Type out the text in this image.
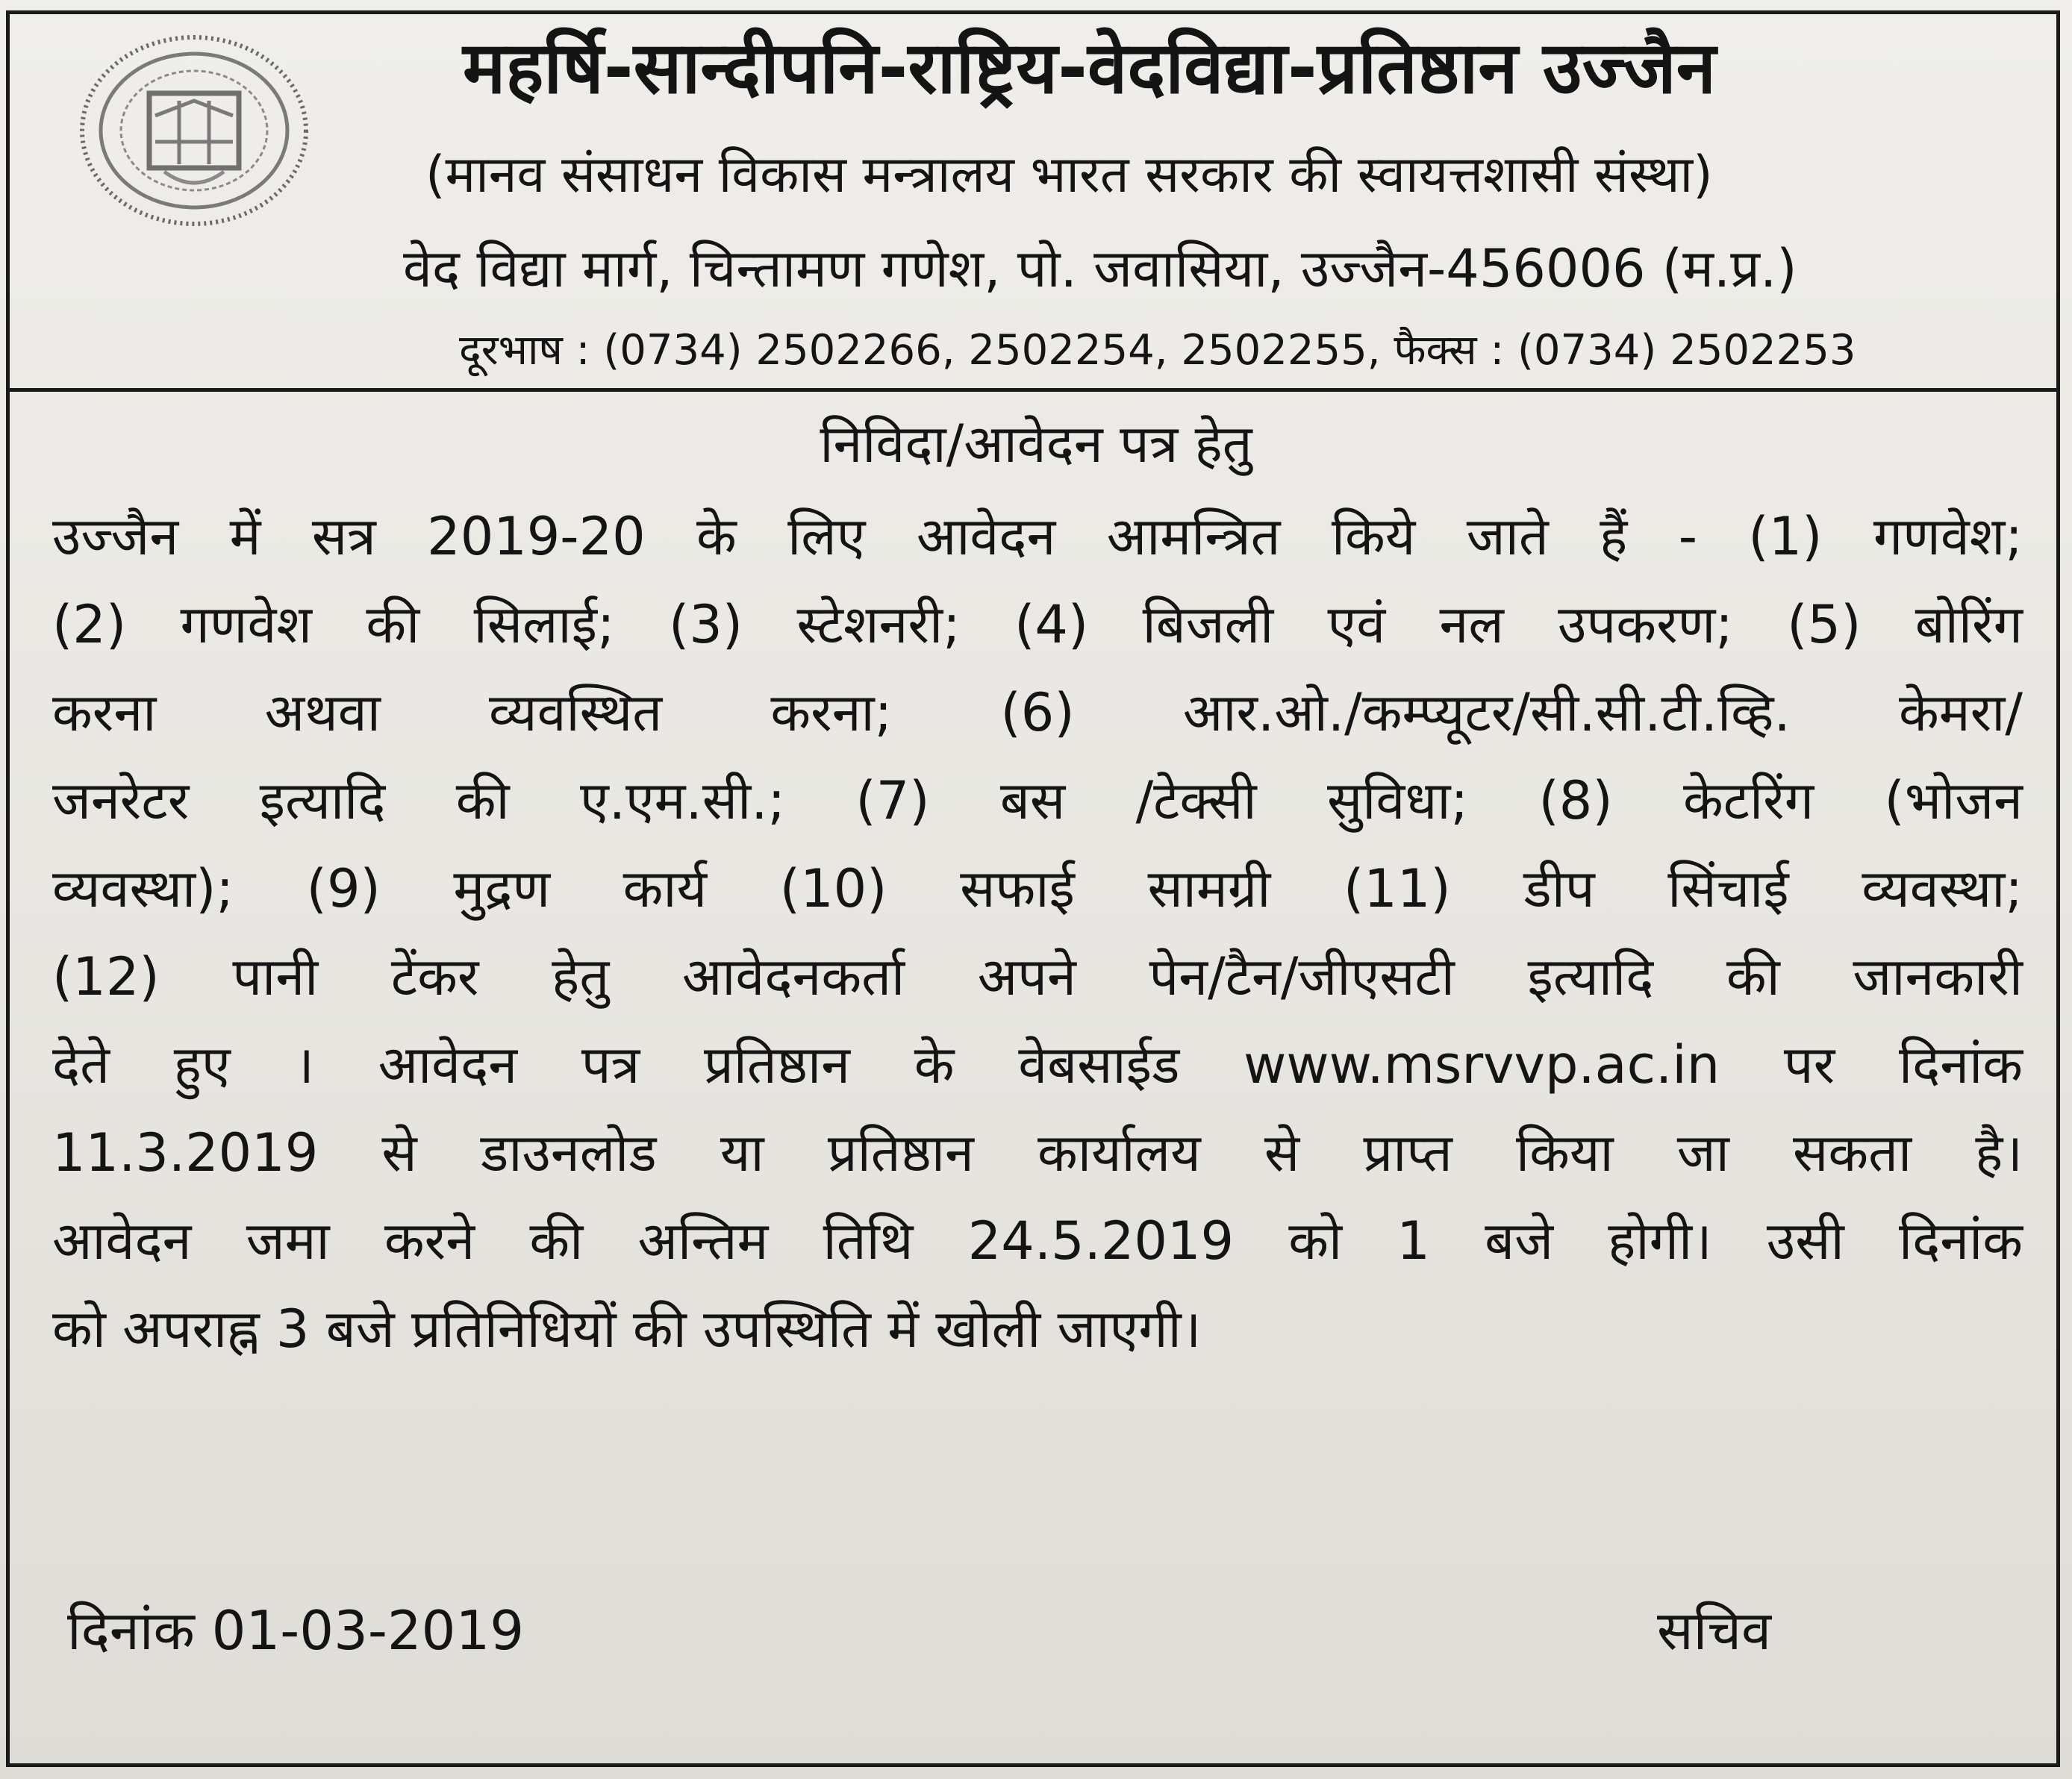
महर्षि-सान्दीपनि-राष्ट्रिय-वेदविद्या-प्रतिष्ठान उज्जैन
(मानव संसाधन विकास मन्त्रालय भारत सरकार की स्वायत्तशासी संस्था)
वेद विद्या मार्ग, चिन्तामण गणेश, पो. जवासिया, उज्जैन-456006 (म.प्र.)
दूरभाष : (0734) 2502266, 2502254, 2502255, फैक्स : (0734) 2502253
निविदा/आवेदन पत्र हेतु
उज्जैन में सत्र 2019-20 के लिए आवेदन आमन्त्रित किये जाते हैं - (1) गणवेश;
(2) गणवेश की सिलाई; (3) स्टेशनरी; (4) बिजली एवं नल उपकरण; (5) बोरिंग
करना अथवा व्यवस्थित करना; (6) आर.ओ./कम्प्यूटर/सी.सी.टी.व्हि. केमरा/
जनरेटर इत्यादि की ए.एम.सी.; (7) बस /टेक्सी सुविधा; (8) केटरिंग (भोजन
व्यवस्था); (9) मुद्रण कार्य (10) सफाई सामग्री (11) डीप सिंचाई व्यवस्था;
(12) पानी टेंकर हेतु आवेदनकर्ता अपने पेन/टैन/जीएसटी इत्यादि की जानकारी
देते हुए । आवेदन पत्र प्रतिष्ठान के वेबसाईड www.msrvvp.ac.in पर दिनांक
11.3.2019 से डाउनलोड या प्रतिष्ठान कार्यालय से प्राप्त किया जा सकता है।
आवेदन जमा करने की अन्तिम तिथि 24.5.2019 को 1 बजे होगी। उसी दिनांक
को अपराह्न 3 बजे प्रतिनिधियों की उपस्थिति में खोली जाएगी।
दिनांक 01-03-2019	सचिव
